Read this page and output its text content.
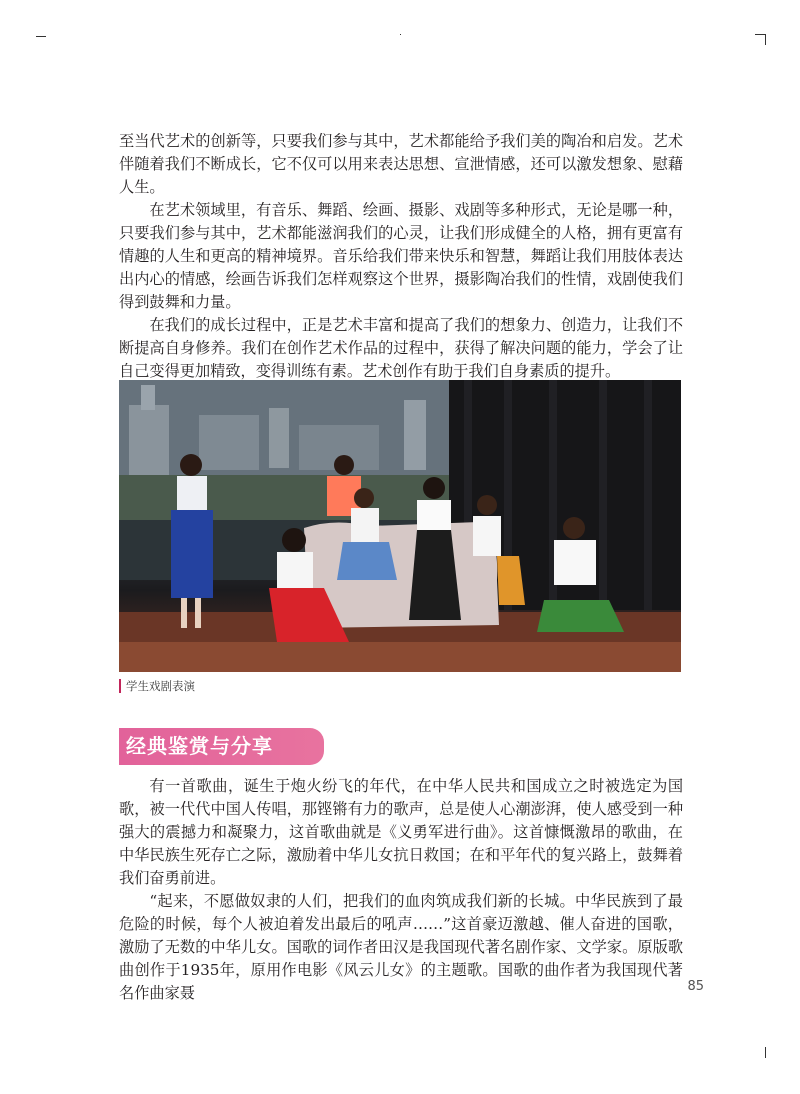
至当代艺术的创新等，只要我们参与其中，艺术都能给予我们美的陶冶和启发。艺术伴随着我们不断成长，它不仅可以用来表达思想、宣泄情感，还可以激发想象、慰藉人生。

在艺术领域里，有音乐、舞蹈、绘画、摄影、戏剧等多种形式，无论是哪一种，只要我们参与其中，艺术都能滋润我们的心灵，让我们形成健全的人格，拥有更富有情趣的人生和更高的精神境界。音乐给我们带来快乐和智慧，舞蹈让我们用肢体表达出内心的情感，绘画告诉我们怎样观察这个世界，摄影陶冶我们的性情，戏剧使我们得到鼓舞和力量。

在我们的成长过程中，正是艺术丰富和提高了我们的想象力、创造力，让我们不断提高自身修养。我们在创作艺术作品的过程中，获得了解决问题的能力，学会了让自己变得更加精致，变得训练有素。艺术创作有助于我们自身素质的提升。

学生戏剧表演
经典鉴赏与分享

有一首歌曲，诞生于炮火纷飞的年代，在中华人民共和国成立之时被选定为国歌，被一代代中国人传唱，那铿锵有力的歌声，总是使人心潮澎湃，使人感受到一种强大的震撼力和凝聚力，这首歌曲就是《义勇军进行曲》。这首慷慨激昂的歌曲，在中华民族生死存亡之际，激励着中华儿女抗日救国；在和平年代的复兴路上，鼓舞着我们奋勇前进。

“起来，不愿做奴隶的人们，把我们的血肉筑成我们新的长城。中华民族到了最危险的时候，每个人被迫着发出最后的吼声……”这首豪迈激越、催人奋进的国歌，激励了无数的中华儿女。国歌的词作者田汉是我国现代著名剧作家、文学家。原版歌曲创作于1935年，原用作电影《风云儿女》的主题歌。国歌的曲作者为我国现代著名作曲家聂	85
